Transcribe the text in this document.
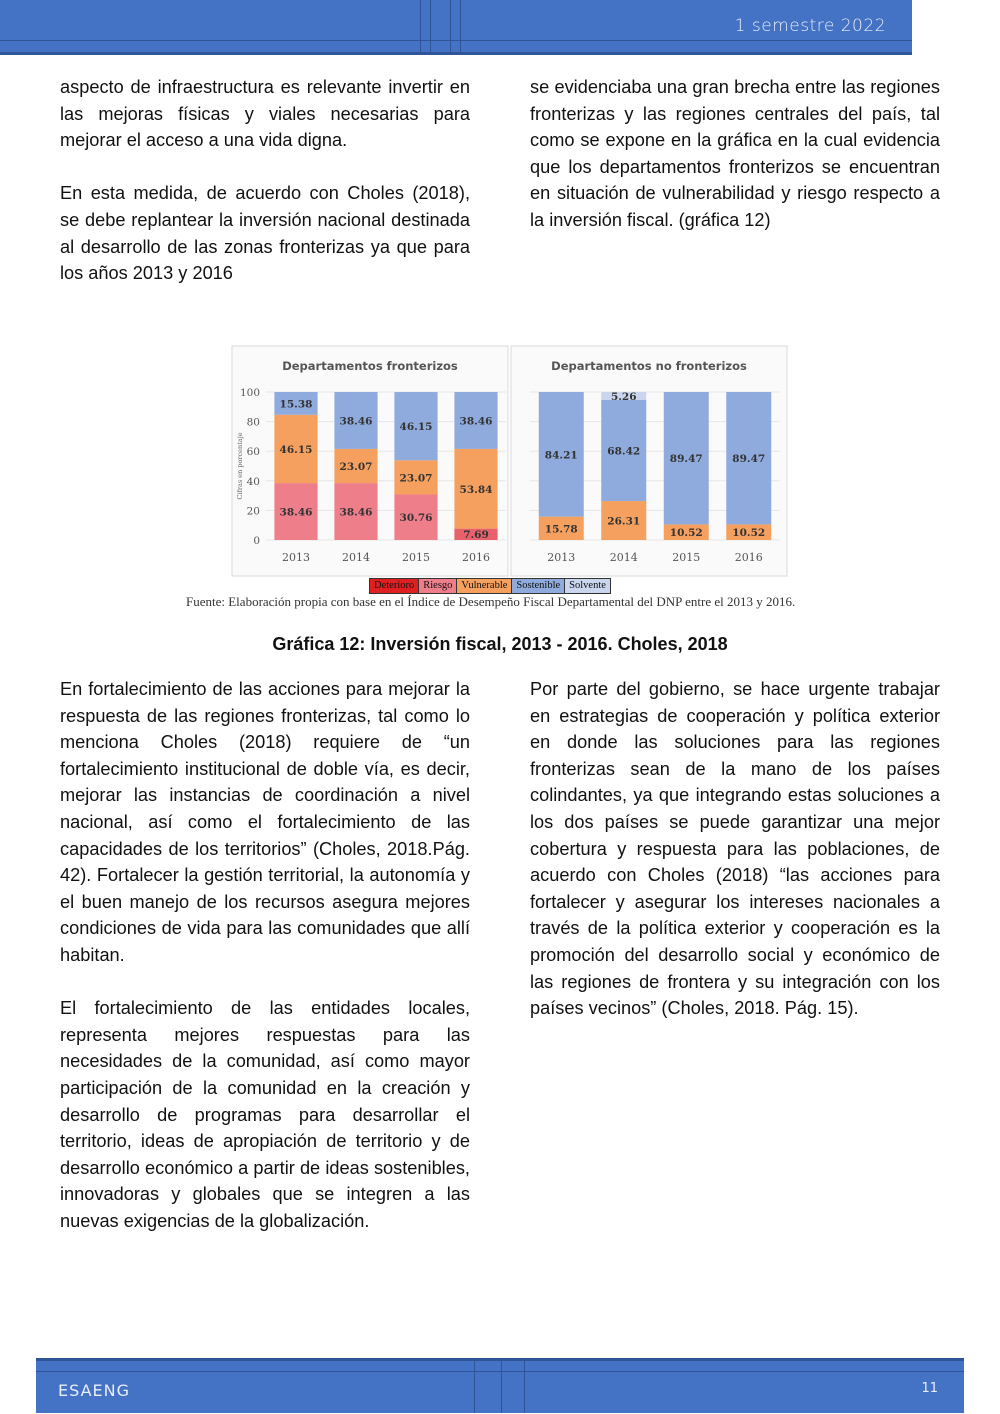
1 semestre 2022

aspecto de infraestructura es relevante invertir en las mejoras físicas y viales necesarias para mejorar el acceso a una vida digna.

En esta medida, de acuerdo con Choles (2018), se debe replantear la inversión nacional destinada al desarrollo de las zonas fronterizas ya que para los años 2013 y 2016

se evidenciaba una gran brecha entre las regiones fronterizas y las regiones centrales del país, tal como se expone en la gráfica en la cual evidencia que los departamentos fronterizos se encuentran en situación de vulnerabilidad y riesgo respecto a la inversión fiscal. (gráfica 12)

Departamentos fronterizos
0
20
40
60
80
100
Cifras en porcentaje
38.46
46.15
15.38
2013
38.46
23.07
38.46
2014
30.76
23.07
46.15
2015
7.69
53.84
38.46
2016
Departamentos no fronterizos
15.78
84.21
2013
26.31
68.42
5.26
2014
10.52
89.47
2015
10.52
89.47
2016
Deterioro Riesgo Vulnerable Sostenible Solvente
Fuente: Elaboración propia con base en el Índice de Desempeño Fiscal Departamental del DNP entre el 2013 y 2016.
Gráfica 12: Inversión fiscal, 2013 - 2016. Choles, 2018

En fortalecimiento de las acciones para mejorar la respuesta de las regiones fronterizas, tal como lo menciona Choles (2018) requiere de “un fortalecimiento institucional de doble vía, es decir, mejorar las instancias de coordinación a nivel nacional, así como el fortalecimiento de las capacidades de los territorios” (Choles, 2018.Pág. 42). Fortalecer la gestión territorial, la autonomía y el buen manejo de los recursos asegura mejores condiciones de vida para las comunidades que allí habitan.

El fortalecimiento de las entidades locales, representa mejores respuestas para las necesidades de la comunidad, así como mayor participación de la comunidad en la creación y desarrollo de programas para desarrollar el territorio, ideas de apropiación de territorio y de desarrollo económico a partir de ideas sostenibles, innovadoras y globales que se integren a las nuevas exigencias de la globalización.

Por parte del gobierno, se hace urgente trabajar en estrategias de cooperación y política exterior en donde las soluciones para las regiones fronterizas sean de la mano de los países colindantes, ya que integrando estas soluciones a los dos países se puede garantizar una mejor cobertura y respuesta para las poblaciones, de acuerdo con Choles (2018) “las acciones para fortalecer y asegurar los intereses nacionales a través de la política exterior y cooperación es la promoción del desarrollo social y económico de las regiones de frontera y su integración con los países vecinos” (Choles, 2018. Pág. 15).

ESAENG	11
